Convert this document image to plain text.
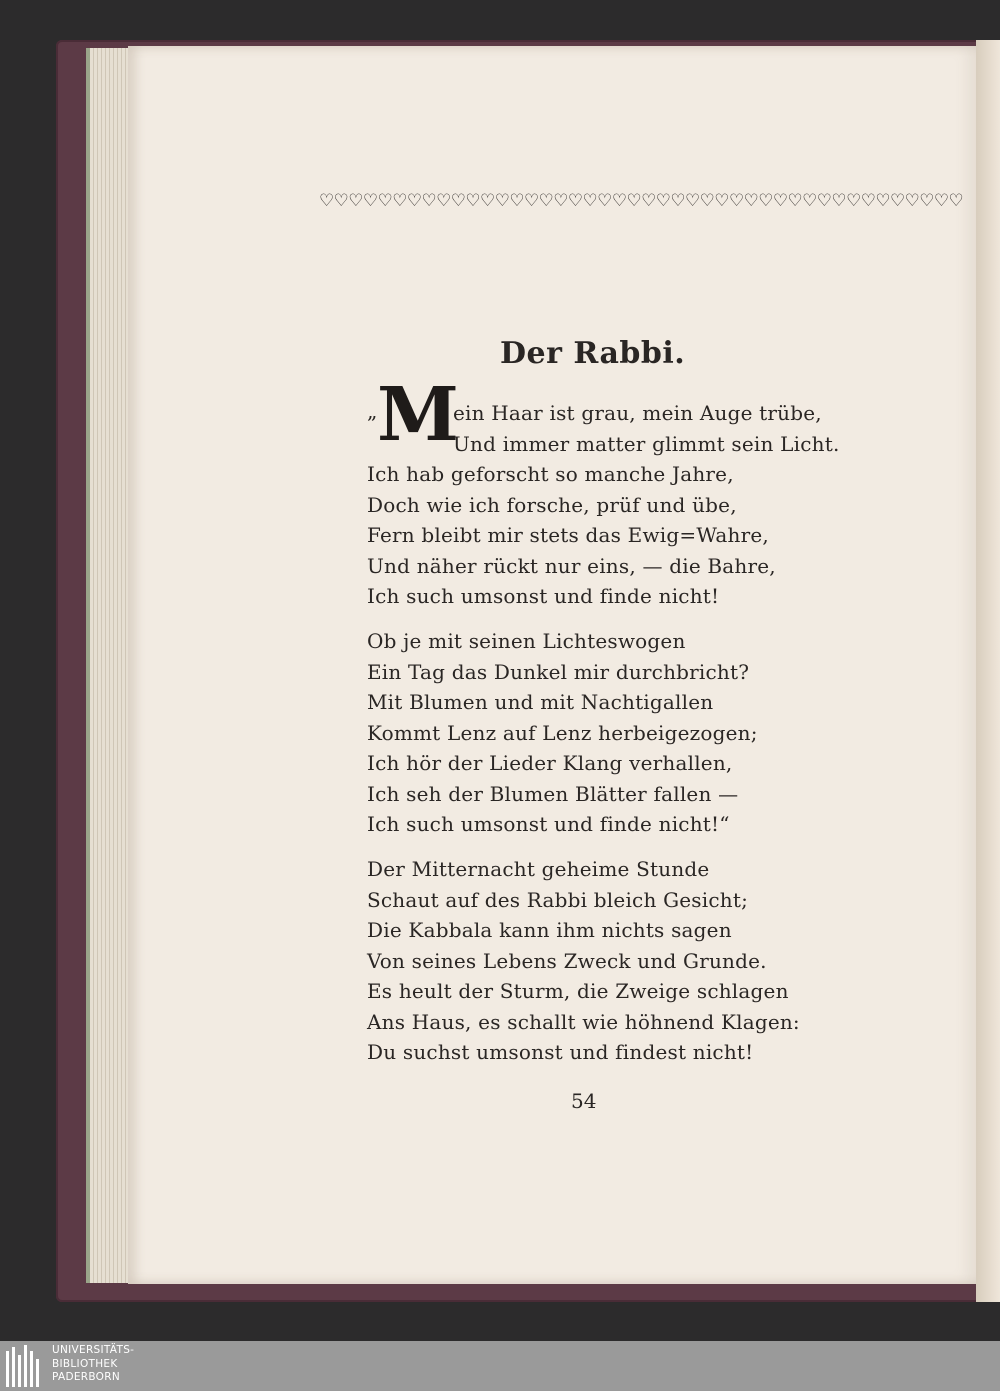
♡♡♡♡♡♡♡♡♡♡♡♡♡♡♡♡♡♡♡♡♡♡♡♡♡♡♡♡♡♡♡♡♡♡♡♡♡♡♡♡♡♡♡♡
Der Rabbi.
„ M
ein Haar ist grau, mein Auge trübe,
Und immer matter glimmt sein Licht.
Ich hab geforscht so manche Jahre,
Doch wie ich forsche, prüf und übe,
Fern bleibt mir stets das Ewig=Wahre,
Und näher rückt nur eins, — die Bahre,
Ich such umsonst und finde nicht!
Ob je mit seinen Lichteswogen
Ein Tag das Dunkel mir durchbricht?
Mit Blumen und mit Nachtigallen
Kommt Lenz auf Lenz herbeigezogen;
Ich hör der Lieder Klang verhallen,
Ich seh der Blumen Blätter fallen —
Ich such umsonst und finde nicht!“
Der Mitternacht geheime Stunde
Schaut auf des Rabbi bleich Gesicht;
Die Kabbala kann ihm nichts sagen
Von seines Lebens Zweck und Grunde.
Es heult der Sturm, die Zweige schlagen
Ans Haus, es schallt wie höhnend Klagen:
Du suchst umsonst und findest nicht!
54
UNIVERSITÄTS-
BIBLIOTHEK
PADERBORN
